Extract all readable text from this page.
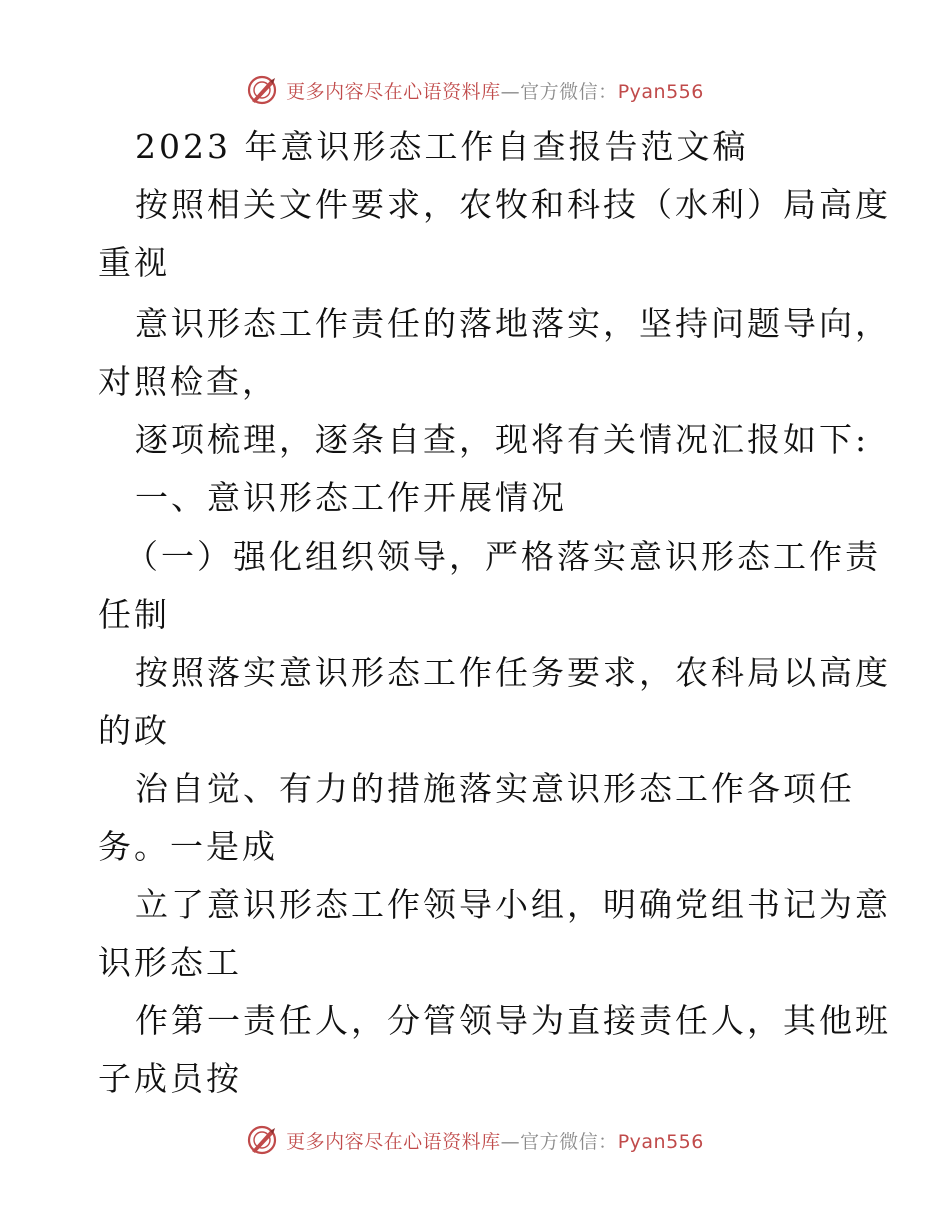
更多内容尽在心语资料库—官方微信：Pyan556
2023 年意识形态工作自查报告范文稿
按照相关文件要求，农牧和科技（水利）局高度
重视
意识形态工作责任的落地落实，坚持问题导向，
对照检查，
逐项梳理，逐条自查，现将有关情况汇报如下:
一、意识形态工作开展情况
（一）强化组织领导，严格落实意识形态工作责
任制
按照落实意识形态工作任务要求，农科局以高度
的政
治自觉、有力的措施落实意识形态工作各项任
务。一是成
立了意识形态工作领导小组，明确党组书记为意
识形态工
作第一责任人，分管领导为直接责任人，其他班
子成员按
更多内容尽在心语资料库—官方微信：Pyan556
